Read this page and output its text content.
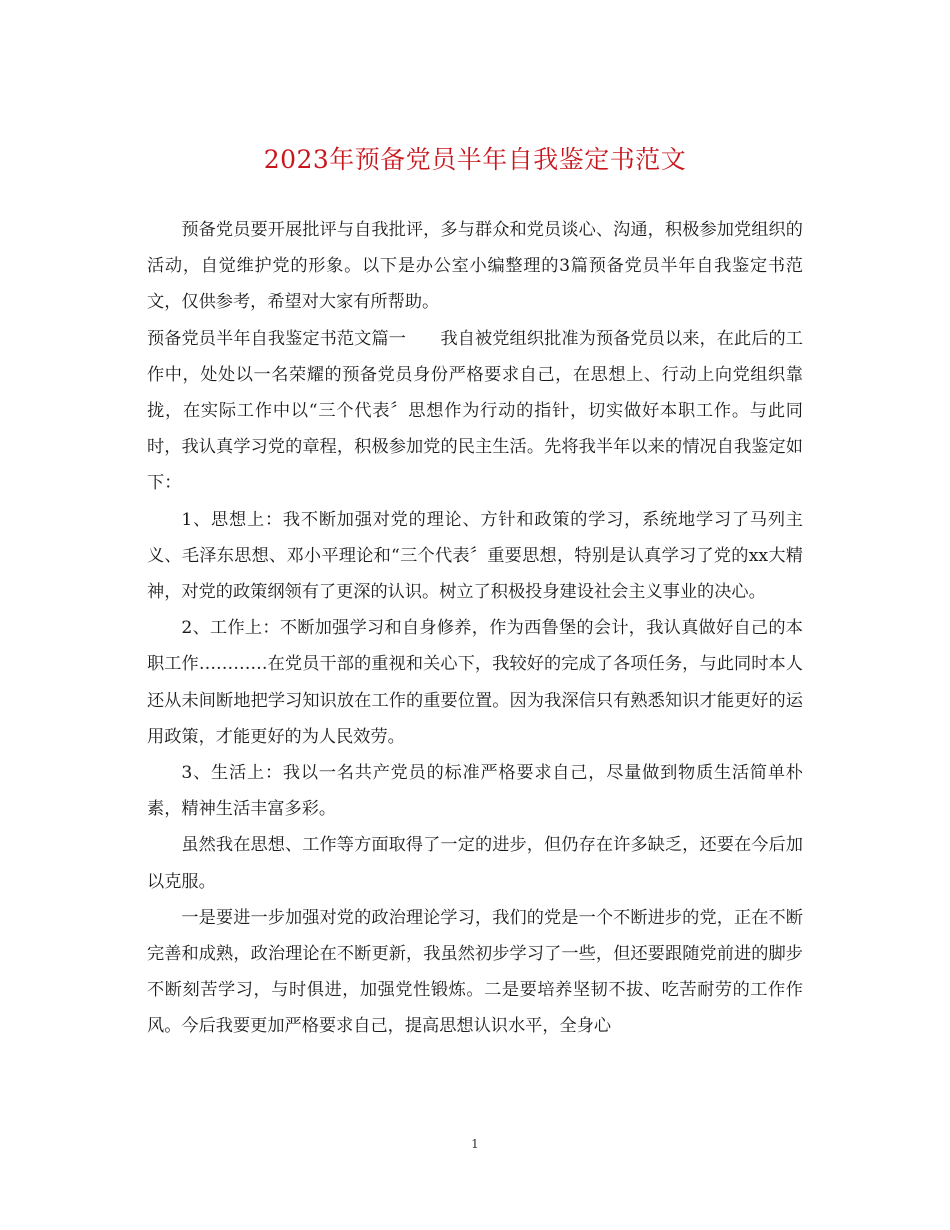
2023年预备党员半年自我鉴定书范文

预备党员要开展批评与自我批评，多与群众和党员谈心、沟通，积极参加党组织的活动，自觉维护党的形象。以下是办公室小编整理的3篇预备党员半年自我鉴定书范文，仅供参考，希望对大家有所帮助。

预备党员半年自我鉴定书范文篇一　　我自被党组织批准为预备党员以来，在此后的工作中，处处以一名荣耀的预备党员身份严格要求自己，在思想上、行动上向党组织靠拢，在实际工作中以“三个代表〞思想作为行动的指针，切实做好本职工作。与此同时，我认真学习党的章程，积极参加党的民主生活。先将我半年以来的情况自我鉴定如下：

1、思想上：我不断加强对党的理论、方针和政策的学习，系统地学习了马列主义、毛泽东思想、邓小平理论和“三个代表〞重要思想，特别是认真学习了党的xx大精神，对党的政策纲领有了更深的认识。树立了积极投身建设社会主义事业的决心。

2、工作上：不断加强学习和自身修养，作为西鲁堡的会计，我认真做好自己的本职工作…………在党员干部的重视和关心下，我较好的完成了各项任务，与此同时本人还从未间断地把学习知识放在工作的重要位置。因为我深信只有熟悉知识才能更好的运用政策，才能更好的为人民效劳。

3、生活上：我以一名共产党员的标准严格要求自己，尽量做到物质生活简单朴素，精神生活丰富多彩。

虽然我在思想、工作等方面取得了一定的进步，但仍存在许多缺乏，还要在今后加以克服。

一是要进一步加强对党的政治理论学习，我们的党是一个不断进步的党，正在不断完善和成熟，政治理论在不断更新，我虽然初步学习了一些，但还要跟随党前进的脚步不断刻苦学习，与时俱进，加强党性锻炼。二是要培养坚韧不拔、吃苦耐劳的工作作风。今后我要更加严格要求自己，提高思想认识水平，全身心

1
